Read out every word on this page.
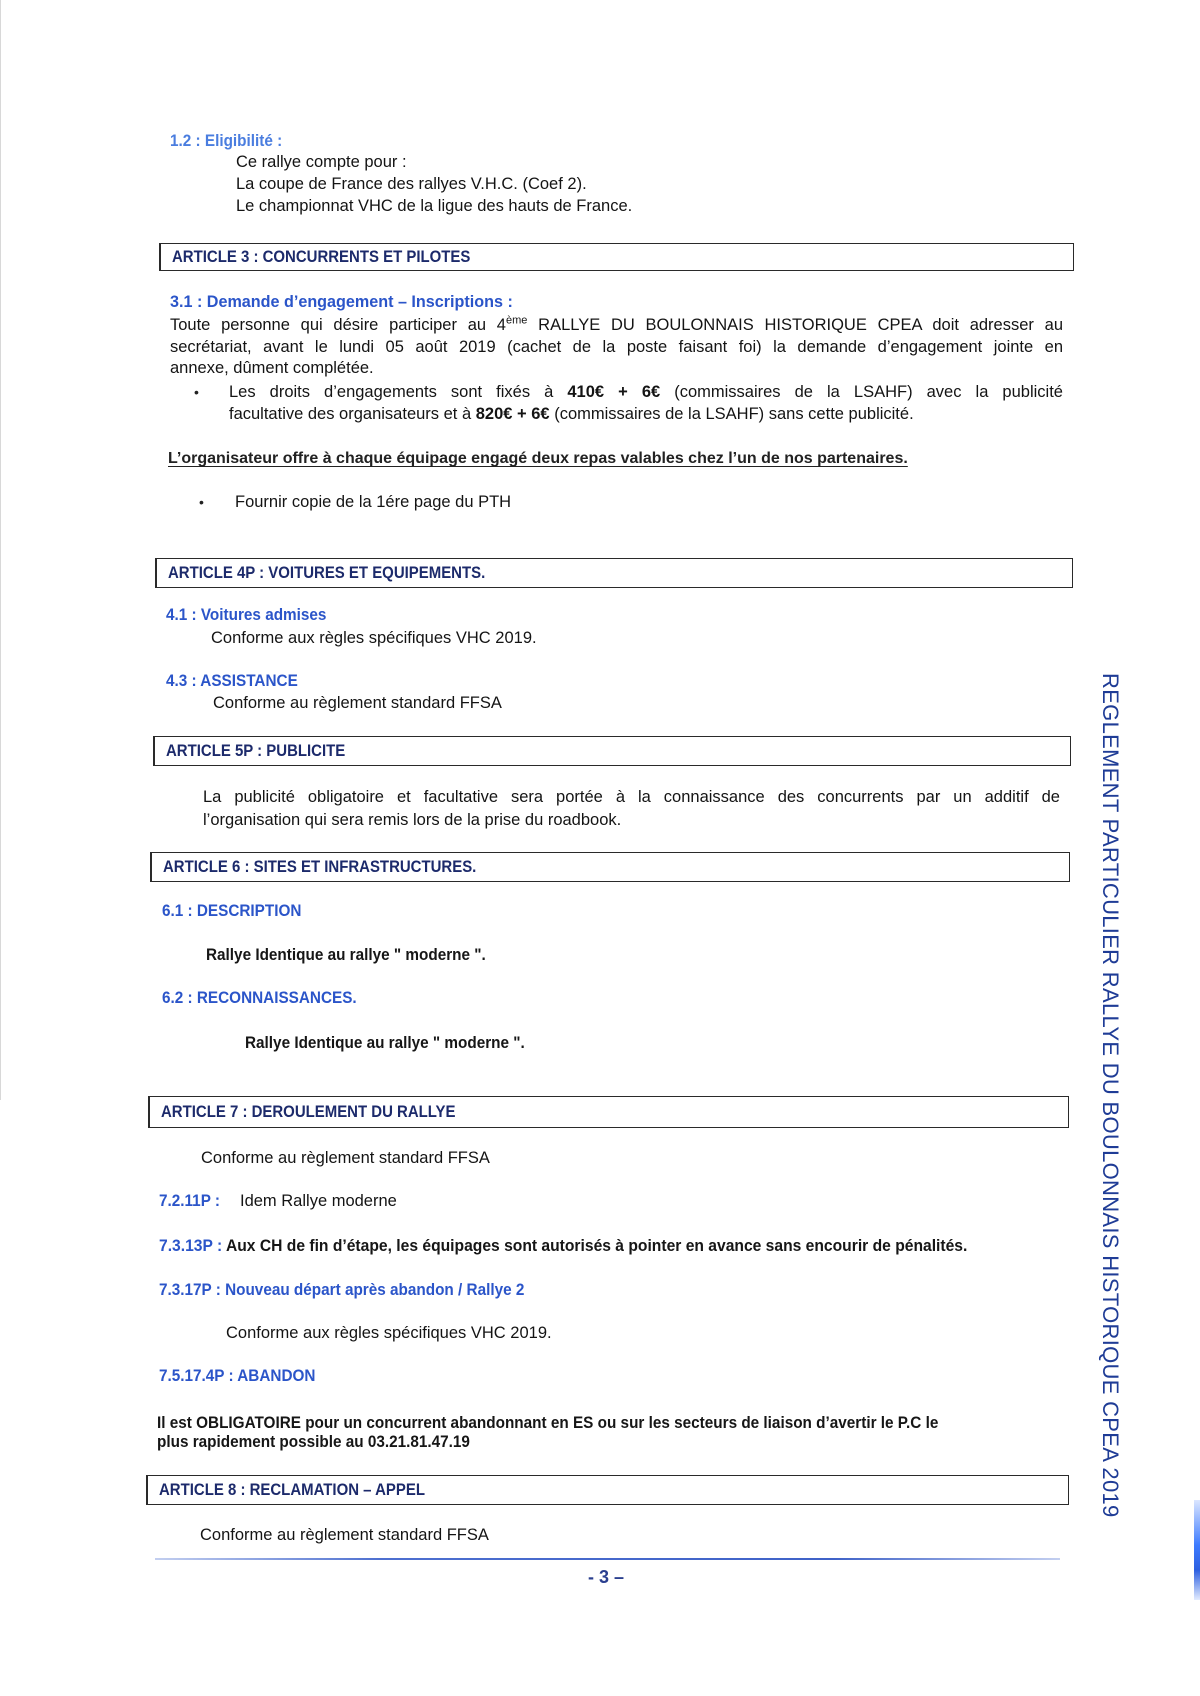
1.2 : Eligibilité :
Ce rallye compte pour :
La coupe de France des rallyes V.H.C. (Coef 2).
Le championnat VHC de la ligue des hauts de France.
ARTICLE 3 : CONCURRENTS ET PILOTES
3.1 : Demande d’engagement – Inscriptions :
Toute personne qui désire participer au 4ème RALLYE DU BOULONNAIS HISTORIQUE CPEA doit adresser au
secrétariat, avant le lundi 05 août 2019 (cachet de la poste faisant foi) la demande d’engagement jointe en
annexe, dûment complétée.
• Les droits d’engagements sont fixés à 410€ + 6€ (commissaires de la LSAHF) avec la publicité
facultative des organisateurs et à 820€ + 6€ (commissaires de la LSAHF) sans cette publicité.
L’organisateur offre à chaque équipage engagé deux repas valables chez l’un de nos partenaires.
• Fournir copie de la 1ére page du PTH
ARTICLE 4P : VOITURES ET EQUIPEMENTS.
4.1 : Voitures admises
Conforme aux règles spécifiques VHC 2019.
4.3 : ASSISTANCE
Conforme au règlement standard FFSA
ARTICLE 5P : PUBLICITE
La publicité obligatoire et facultative sera portée à la connaissance des concurrents par un additif de
l’organisation qui sera remis lors de la prise du roadbook.
ARTICLE 6 : SITES ET INFRASTRUCTURES.
6.1 : DESCRIPTION
Rallye Identique au rallye " moderne ".
6.2 : RECONNAISSANCES.
Rallye Identique au rallye " moderne ".
ARTICLE 7 : DEROULEMENT DU RALLYE
Conforme au règlement standard FFSA
7.2.11P : Idem Rallye moderne
7.3.13P : Aux CH de fin d’étape, les équipages sont autorisés à pointer en avance sans encourir de pénalités.
7.3.17P : Nouveau départ après abandon / Rallye 2
Conforme aux règles spécifiques VHC 2019.
7.5.17.4P : ABANDON
Il est OBLIGATOIRE pour un concurrent abandonnant en ES ou sur les secteurs de liaison d’avertir le P.C le
plus rapidement possible au 03.21.81.47.19
ARTICLE 8 : RECLAMATION – APPEL
Conforme au règlement standard FFSA
- 3 –
REGLEMENT PARTICULIER RALLYE DU BOULONNAIS HISTORIQUE CPEA 2019
